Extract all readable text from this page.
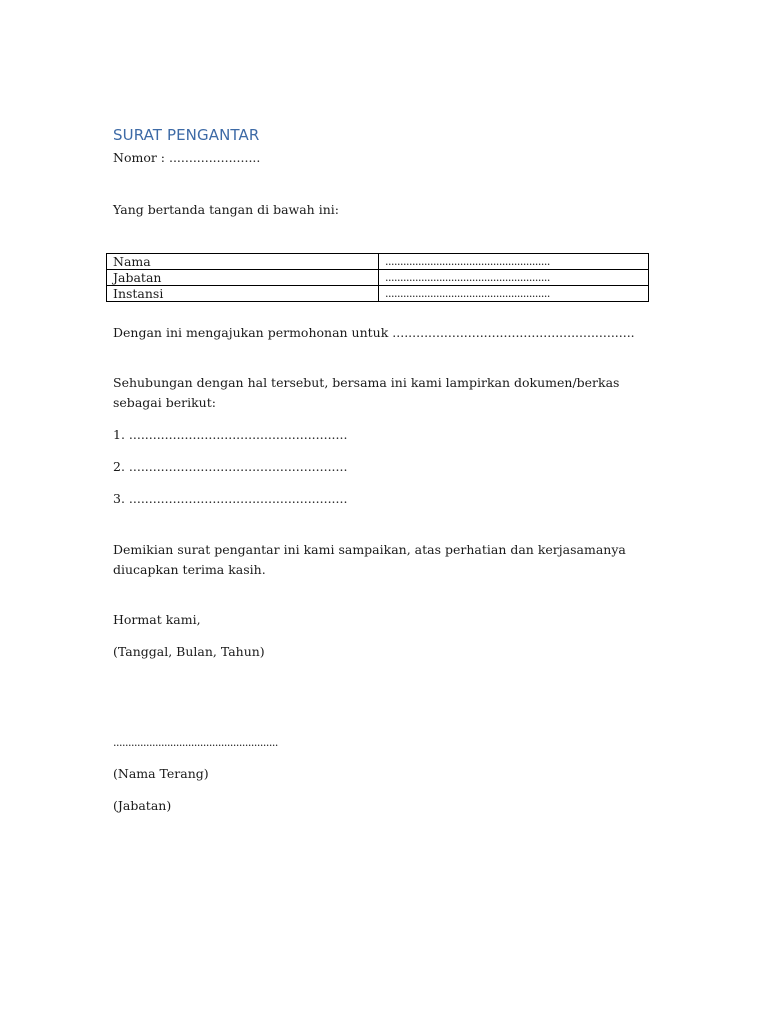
SURAT PENGANTAR
Nomor : .......................
Yang bertanda tangan di bawah ini:
Nama	.......................................................
Jabatan	.......................................................
Instansi	.......................................................
Dengan ini mengajukan permohonan untuk .............................................................
Sehubungan dengan hal tersebut, bersama ini kami lampirkan dokumen/berkas sebagai berikut:
1. .......................................................
2. .......................................................
3. .......................................................
Demikian surat pengantar ini kami sampaikan, atas perhatian dan kerjasamanya diucapkan terima kasih.
Hormat kami,
(Tanggal, Bulan, Tahun)
.......................................................
(Nama Terang)
(Jabatan)
